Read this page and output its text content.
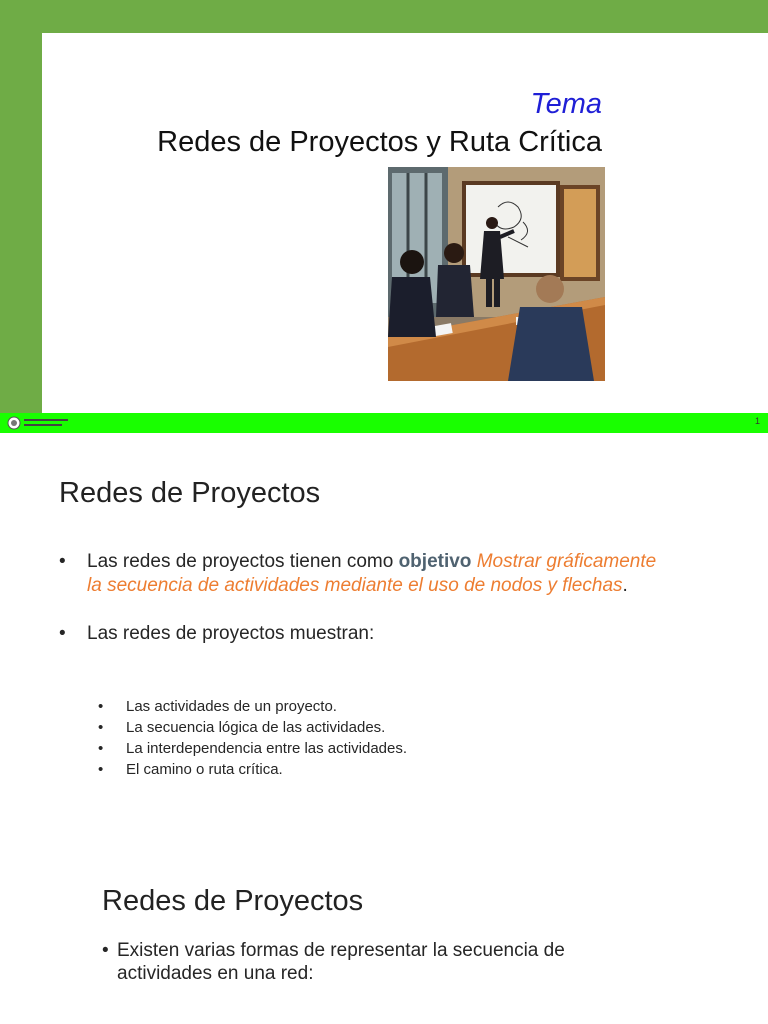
Tema
Redes de Proyectos y Ruta Crítica
1
Redes de Proyectos
• Las redes de proyectos tienen como objetivo Mostrar gráficamente la secuencia de actividades mediante el uso de nodos y flechas.
• Las redes de proyectos muestran:
• Las actividades de un proyecto.
• La secuencia lógica de las actividades.
• La interdependencia entre las actividades.
• El camino o ruta crítica.
Redes de Proyectos
• Existen varias formas de representar la secuencia de actividades en una red:
